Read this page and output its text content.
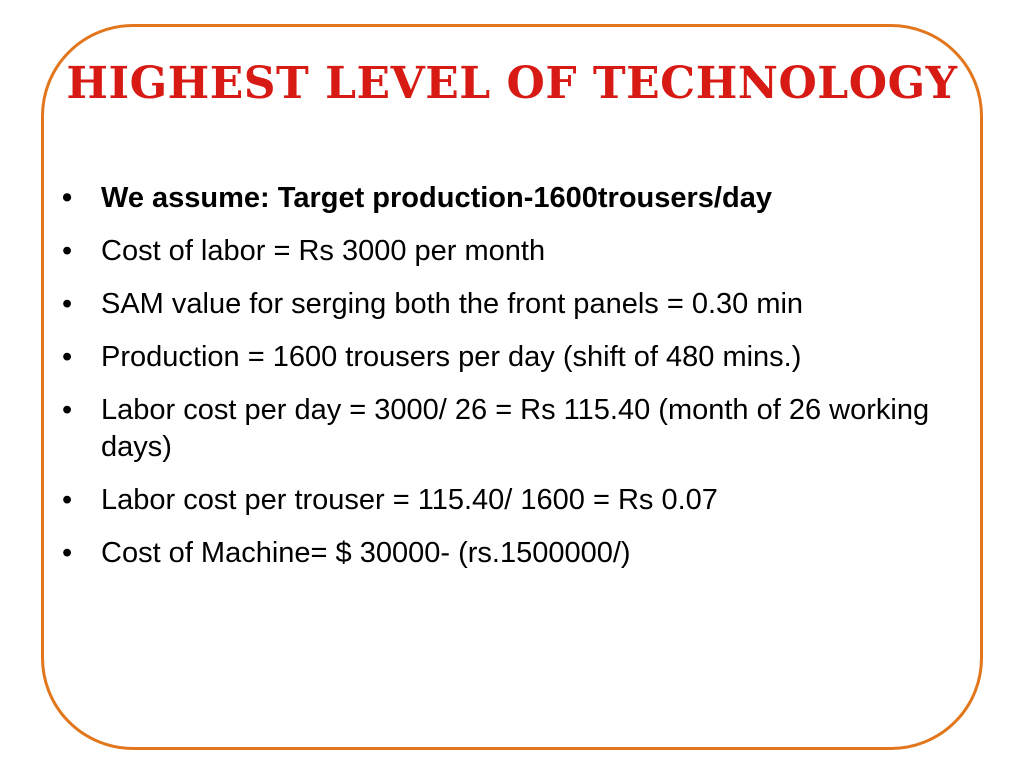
HIGHEST LEVEL OF TECHNOLOGY
• We assume: Target production-1600trousers/day
• Cost of labor = Rs 3000 per month
• SAM value for serging both the front panels = 0.30 min
• Production = 1600 trousers per day (shift of 480 mins.)
• Labor cost per day = 3000/ 26 = Rs 115.40 (month of 26 working days)
• Labor cost per trouser = 115.40/ 1600 = Rs 0.07
• Cost of Machine= $ 30000- (rs.1500000/)
